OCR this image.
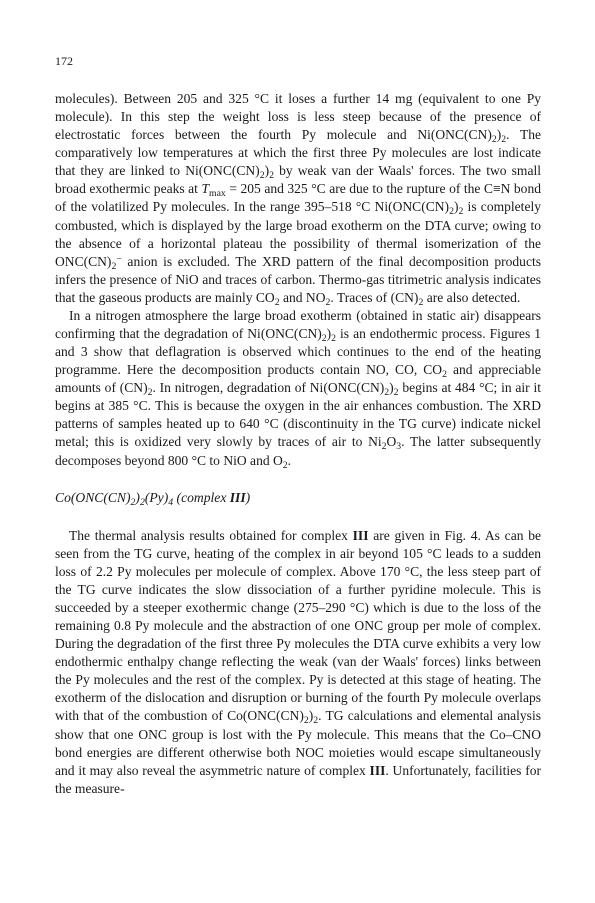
172

molecules). Between 205 and 325 °C it loses a further 14 mg (equivalent to one Py molecule). In this step the weight loss is less steep because of the presence of electrostatic forces between the fourth Py molecule and $Ni(ONC(CN)_2)_2$. The comparatively low temperatures at which the first three Py molecules are lost indicate that they are linked to $Ni(ONC(CN)_2)_2$ by weak van der Waals' forces. The two small broad exothermic peaks at $T_{max} = 205$ and 325 °C are due to the rupture of the C≡N bond of the volatilized Py molecules. In the range 395–518 °C $Ni(ONC(CN)_2)_2$ is completely combusted, which is displayed by the large broad exotherm on the DTA curve; owing to the absence of a horizontal plateau the possibility of thermal isomerization of the $ONC(CN)_2^-$ anion is excluded. The XRD pattern of the final decomposition products infers the presence of NiO and traces of carbon. Thermo-gas titrimetric analysis indicates that the gaseous products are mainly $CO_2$ and $NO_2$. Traces of $(CN)_2$ are also detected.

In a nitrogen atmosphere the large broad exotherm (obtained in static air) disappears confirming that the degradation of $Ni(ONC(CN)_2)_2$ is an endothermic process. Figures 1 and 3 show that deflagration is observed which continues to the end of the heating programme. Here the decomposition products contain NO, CO, $CO_2$ and appreciable amounts of $(CN)_2$. In nitrogen, degradation of $Ni(ONC(CN)_2)_2$ begins at 484 °C; in air it begins at 385 °C. This is because the oxygen in the air enhances combustion. The XRD patterns of samples heated up to 640 °C (discontinuity in the TG curve) indicate nickel metal; this is oxidized very slowly by traces of air to $Ni_2O_3$. The latter subsequently decomposes beyond 800 °C to NiO and $O_2$.

$Co(ONC(CN)_2)_2(Py)_4$ (complex III)

The thermal analysis results obtained for complex III are given in Fig. 4. As can be seen from the TG curve, heating of the complex in air beyond 105 °C leads to a sudden loss of 2.2 Py molecules per molecule of complex. Above 170 °C, the less steep part of the TG curve indicates the slow dissociation of a further pyridine molecule. This is succeeded by a steeper exothermic change (275–290 °C) which is due to the loss of the remaining 0.8 Py molecule and the abstraction of one ONC group per mole of complex. During the degradation of the first three Py molecules the DTA curve exhibits a very low endothermic enthalpy change reflecting the weak (van der Waals' forces) links between the Py molecules and the rest of the complex. Py is detected at this stage of heating. The exotherm of the dislocation and disruption or burning of the fourth Py molecule overlaps with that of the combustion of $Co(ONC(CN)_2)_2$. TG calculations and elemental analysis show that one ONC group is lost with the Py molecule. This means that the Co–CNO bond energies are different otherwise both NOC moieties would escape simultaneously and it may also reveal the asymmetric nature of complex III. Unfortunately, facilities for the measure-
